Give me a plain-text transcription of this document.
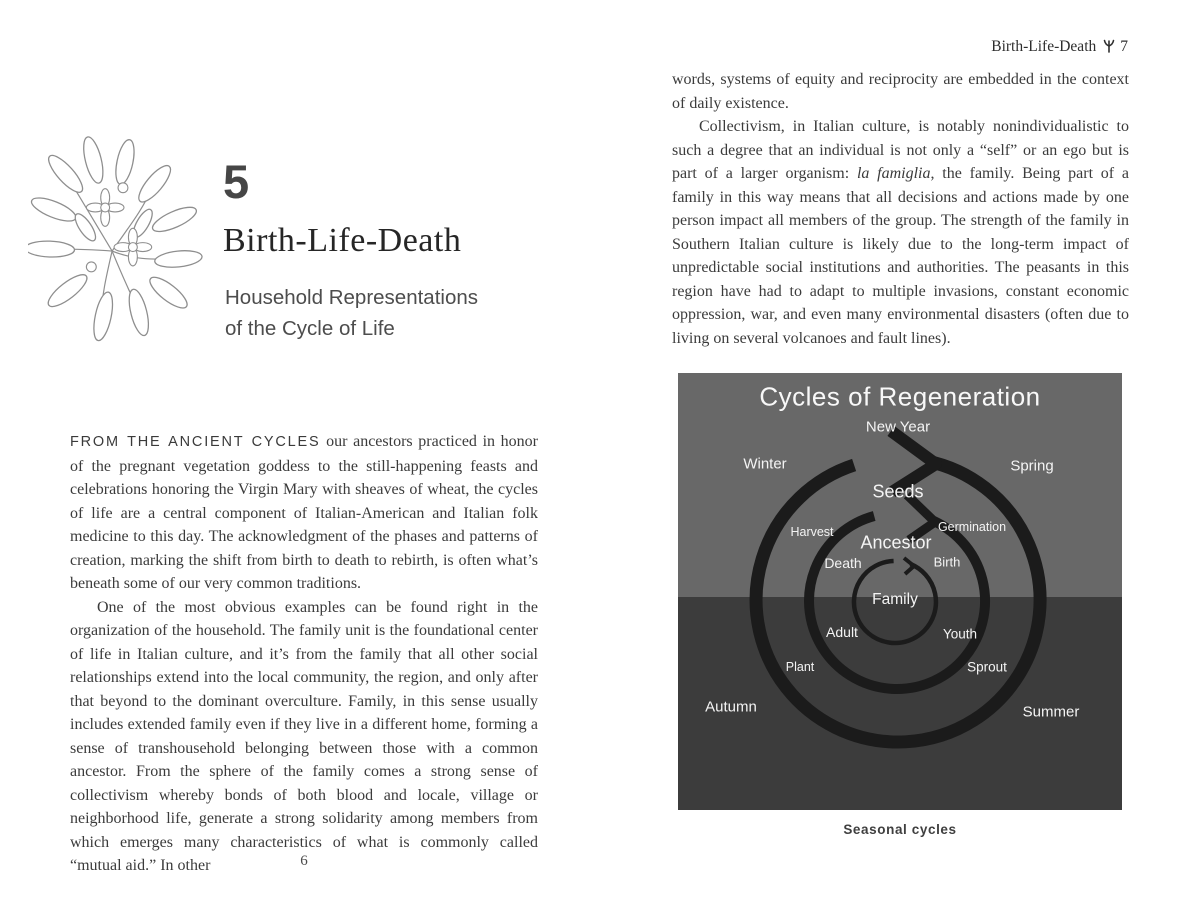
5
Birth-Life-Death
Household Representations of the Cycle of Life

FROM THE ANCIENT CYCLES our ancestors practiced in honor of the pregnant vegetation goddess to the still-happening feasts and celebrations honoring the Virgin Mary with sheaves of wheat, the cycles of life are a central component of Italian-American and Italian folk medicine to this day. The acknowledgment of the phases and patterns of creation, marking the shift from birth to death to rebirth, is often what’s beneath some of our very common traditions.

One of the most obvious examples can be found right in the organization of the household. The family unit is the foundational center of life in Italian culture, and it’s from the family that all other social relationships extend into the local community, the region, and only after that beyond to the dominant overculture. Family, in this sense usually includes extended family even if they live in a different home, forming a sense of transhousehold belonging between those with a common ancestor. From the sphere of the family comes a strong sense of collectivism whereby bonds of both blood and locale, village or neighborhood life, generate a strong solidarity among members from which emerges many characteristics of what is commonly called “mutual aid.” In other	6
Birth-Life-Death 7

words, systems of equity and reciprocity are embedded in the context of daily existence.

Collectivism, in Italian culture, is notably nonindividualistic to such a degree that an individual is not only a “self” or an ego but is part of a larger organism: la famiglia, the family. Being part of a family in this way means that all decisions and actions made by one person impact all members of the group. The strength of the family in Southern Italian culture is likely due to the long-term impact of unpredictable social institutions and authorities. The peasants in this region have had to adapt to multiple invasions, constant economic oppression, war, and even many environmental disasters (often due to living on several volcanoes and fault lines).

Cycles of Regeneration
New Year
Winter	Spring
Autumn	Summer
Seeds
Harvest	Germination
Plant	Sprout
Ancestor
Death	Birth
Adult	Youth
Family
Seasonal cycles
